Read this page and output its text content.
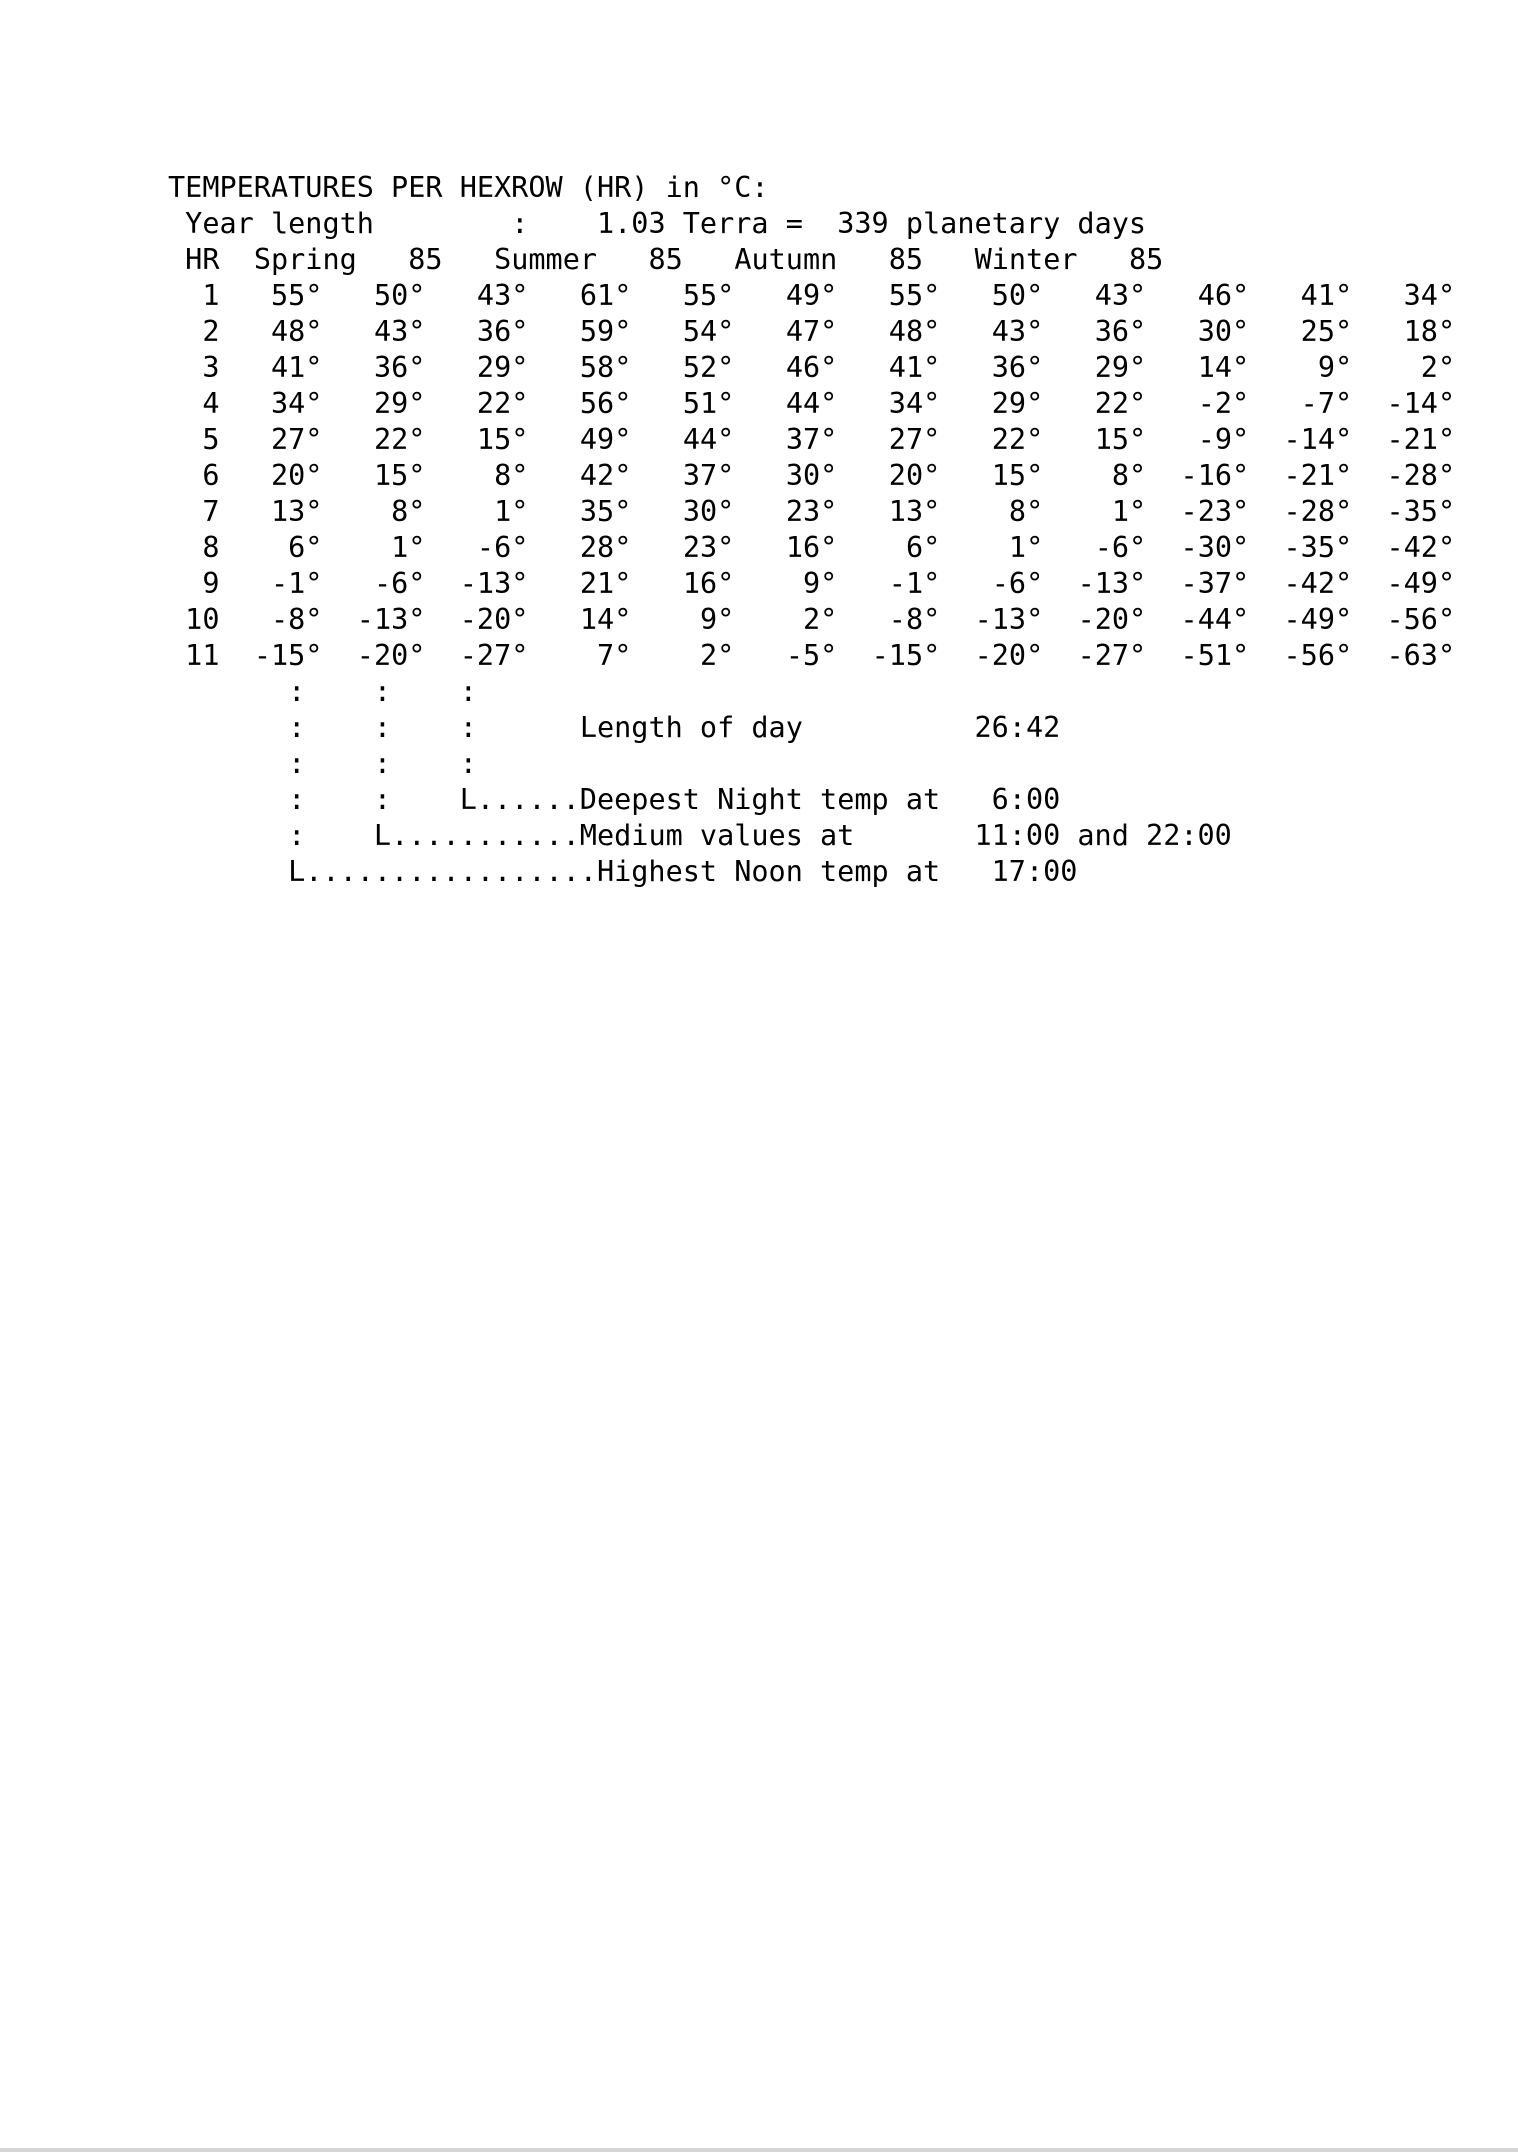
TEMPERATURES PER HEXROW (HR) in °C:
Year length        :    1.03 Terra =  339 planetary days
HR Spring 85 Summer 85 Autumn 85 Winter 85
1 55° 50° 43° 61° 55° 49° 55° 50° 43° 46° 41° 34°
2 48° 43° 36° 59° 54° 47° 48° 43° 36° 30° 25° 18°
3 41° 36° 29° 58° 52° 46° 41° 36° 29° 14° 9° 2°
4 34° 29° 22° 56° 51° 44° 34° 29° 22° -2° -7° -14°
5 27° 22° 15° 49° 44° 37° 27° 22° 15° -9° -14° -21°
6 20° 15° 8° 42° 37° 30° 20° 15° 8° -16° -21° -28°
7 13° 8° 1° 35° 30° 23° 13° 8° 1° -23° -28° -35°
8 6° 1° -6° 28° 23° 16° 6° 1° -6° -30° -35° -42°
9 -1° -6° -13° 21° 16° 9° -1° -6° -13° -37° -42° -49°
10 -8° -13° -20° 14° 9° 2° -8° -13° -20° -44° -49° -56°
11 -15° -20° -27° 7° 2° -5° -15° -20° -27° -51° -56° -63°
:    :    :
:    :    :      Length of day	26:42
:    :    :
:    :    L......Deepest Night temp at 6:00
:    L...........Medium values at	11:00 and 22:00
L.................Highest Noon temp at 17:00
